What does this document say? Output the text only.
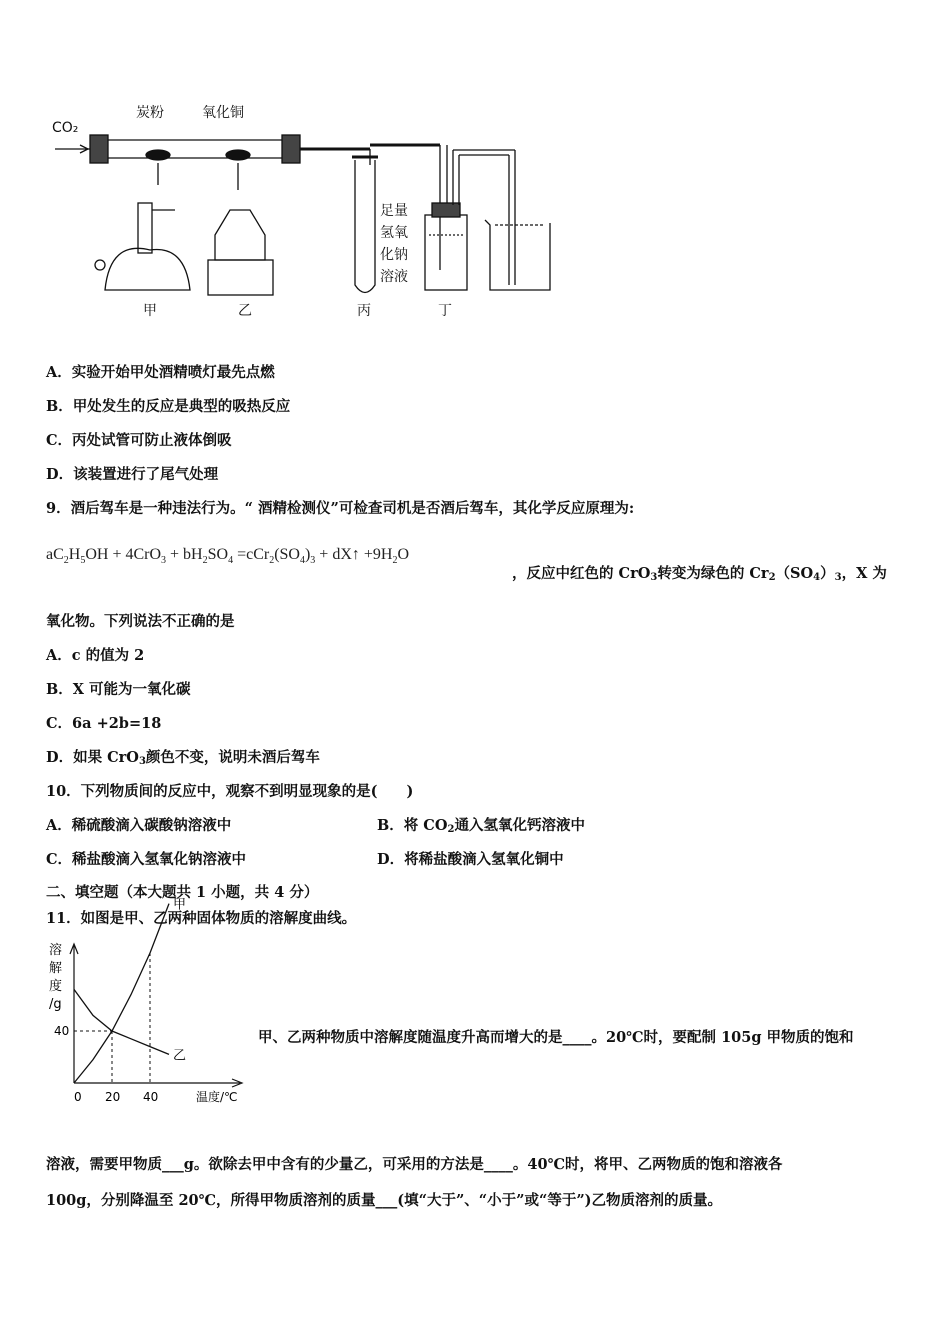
CO₂
炭粉	氧化铜
足量
氢氧
化钠
溶液
甲	乙	丙	丁
A．实验开始甲处酒精喷灯最先点燃
B．甲处发生的反应是典型的吸热反应
C．丙处试管可防止液体倒吸
D．该装置进行了尾气处理
9．酒后驾车是一种违法行为。“ 酒精检测仪”可检查司机是否酒后驾车，其化学反应原理为:
$aC_2H_5OH + 4CrO_3 + bH_2SO_4 =cCr_2(SO_4)_3$ + dX↑ $+9H_2O$
，反应中红色的 CrO3转变为绿色的 Cr2（SO4）3，X 为
氧化物。下列说法不正确的是
A．c 的值为 2
B．X 可能为一氧化碳
C．6a +2b=18
D．如果 CrO3颜色不变，说明未酒后驾车
10．下列物质间的反应中，观察不到明显现象的是(　　)
A．稀硫酸滴入碳酸钠溶液中	B．将 CO2通入氢氧化钙溶液中
C．稀盐酸滴入氢氧化钠溶液中	D．将稀盐酸滴入氢氧化铜中
二、填空题（本大题共 1 小题，共 4 分）
11．如图是甲、乙两种固体物质的溶解度曲线。
甲
乙
0 20 40
40
溶
解
度
/g
温度/℃
甲、乙两种物质中溶解度随温度升高而增大的是____。20℃时，要配制 105g 甲物质的饱和
溶液，需要甲物质___g。欲除去甲中含有的少量乙，可采用的方法是____。40℃时，将甲、乙两物质的饱和溶液各
100g，分别降温至 20℃，所得甲物质溶剂的质量___(填“大于”、“小于”或“等于”)乙物质溶剂的质量。
